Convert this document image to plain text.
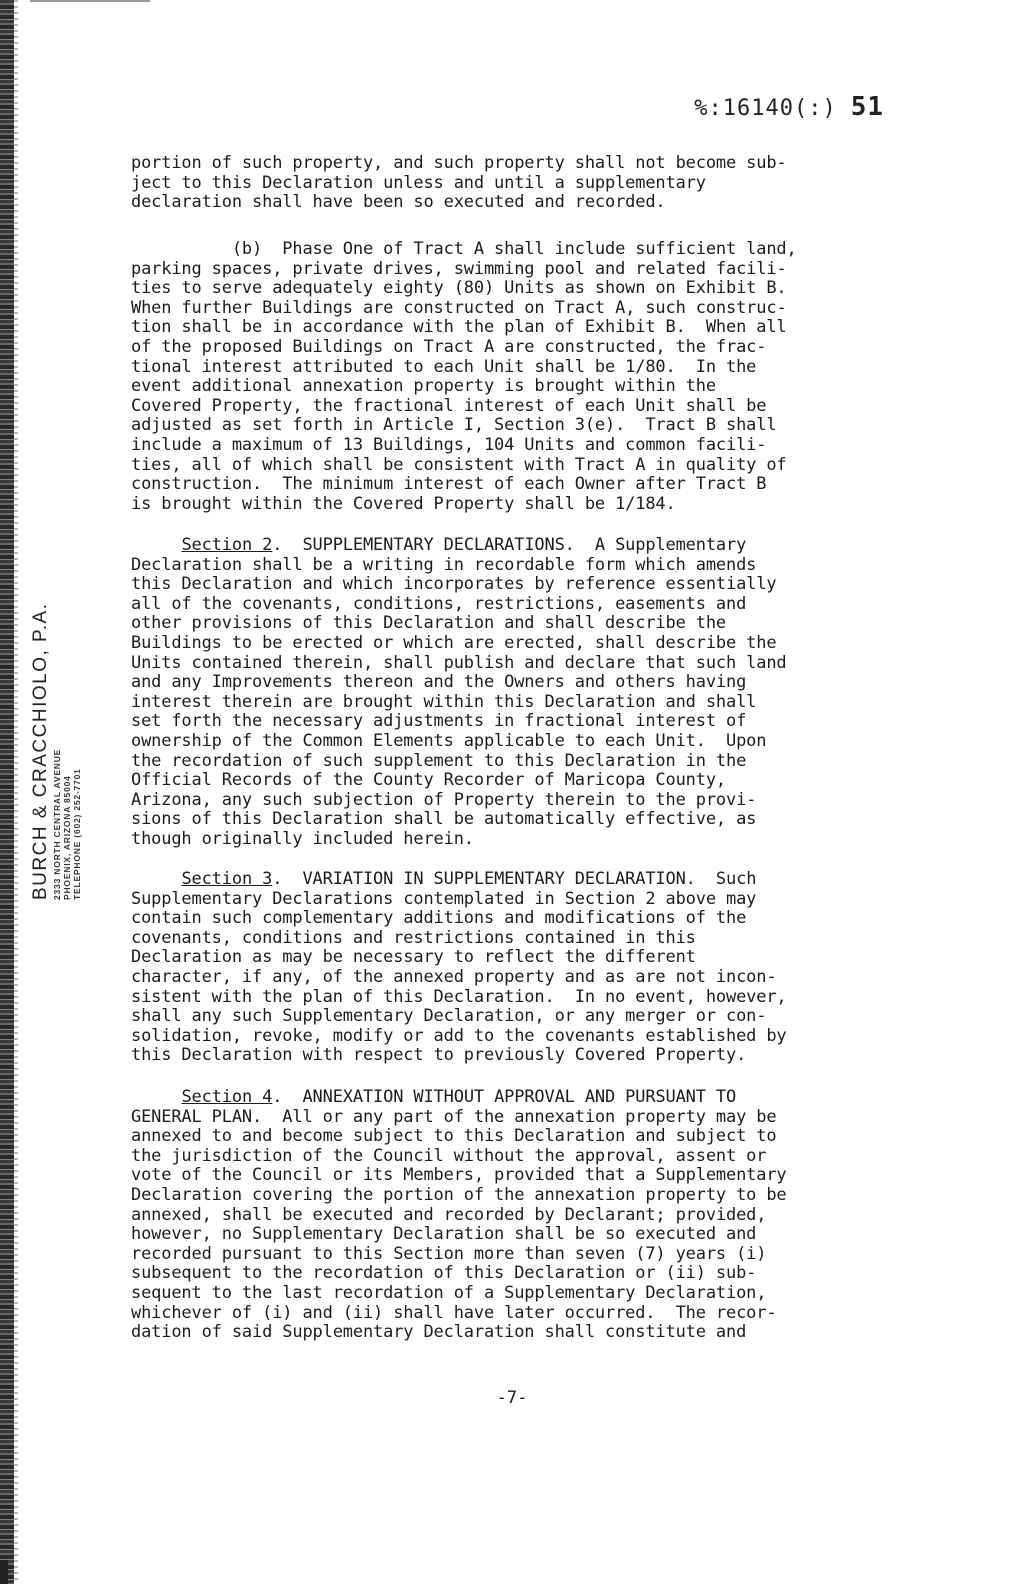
%:16140(:) 51
BURCH & CRACCHIOLO, P.A. 2333 NORTH CENTRAL AVENUE PHOENIX, ARIZONA 85004 TELEPHONE (602) 252-7701
portion of such property, and such property shall not become sub-
ject to this Declaration unless and until a supplementary
declaration shall have been so executed and recorded.
(b)  Phase One of Tract A shall include sufficient land,
parking spaces, private drives, swimming pool and related facili-
ties to serve adequately eighty (80) Units as shown on Exhibit B.
When further Buildings are constructed on Tract A, such construc-
tion shall be in accordance with the plan of Exhibit B.  When all
of the proposed Buildings on Tract A are constructed, the frac-
tional interest attributed to each Unit shall be 1/80.  In the
event additional annexation property is brought within the
Covered Property, the fractional interest of each Unit shall be
adjusted as set forth in Article I, Section 3(e).  Tract B shall
include a maximum of 13 Buildings, 104 Units and common facili-
ties, all of which shall be consistent with Tract A in quality of
construction.  The minimum interest of each Owner after Tract B
is brought within the Covered Property shall be 1/184.
Section 2.  SUPPLEMENTARY DECLARATIONS.  A Supplementary
Declaration shall be a writing in recordable form which amends
this Declaration and which incorporates by reference essentially
all of the covenants, conditions, restrictions, easements and
other provisions of this Declaration and shall describe the
Buildings to be erected or which are erected, shall describe the
Units contained therein, shall publish and declare that such land
and any Improvements thereon and the Owners and others having
interest therein are brought within this Declaration and shall
set forth the necessary adjustments in fractional interest of
ownership of the Common Elements applicable to each Unit.  Upon
the recordation of such supplement to this Declaration in the
Official Records of the County Recorder of Maricopa County,
Arizona, any such subjection of Property therein to the provi-
sions of this Declaration shall be automatically effective, as
though originally included herein.
Section 3.  VARIATION IN SUPPLEMENTARY DECLARATION.  Such
Supplementary Declarations contemplated in Section 2 above may
contain such complementary additions and modifications of the
covenants, conditions and restrictions contained in this
Declaration as may be necessary to reflect the different
character, if any, of the annexed property and as are not incon-
sistent with the plan of this Declaration.  In no event, however,
shall any such Supplementary Declaration, or any merger or con-
solidation, revoke, modify or add to the covenants established by
this Declaration with respect to previously Covered Property.
Section 4.  ANNEXATION WITHOUT APPROVAL AND PURSUANT TO
GENERAL PLAN.  All or any part of the annexation property may be
annexed to and become subject to this Declaration and subject to
the jurisdiction of the Council without the approval, assent or
vote of the Council or its Members, provided that a Supplementary
Declaration covering the portion of the annexation property to be
annexed, shall be executed and recorded by Declarant; provided,
however, no Supplementary Declaration shall be so executed and
recorded pursuant to this Section more than seven (7) years (i)
subsequent to the recordation of this Declaration or (ii) sub-
sequent to the last recordation of a Supplementary Declaration,
whichever of (i) and (ii) shall have later occurred.  The recor-
dation of said Supplementary Declaration shall constitute and
-7-
